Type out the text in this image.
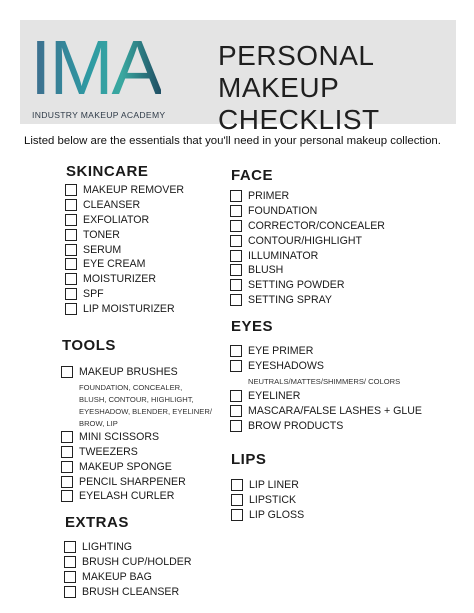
IMA
INDUSTRY MAKEUP ACADEMY
PERSONAL
MAKEUP
CHECKLIST
Listed below are the essentials that you'll need in your personal makeup collection.
SKINCARE
MAKEUP REMOVER
CLEANSER
EXFOLIATOR
TONER
SERUM
EYE CREAM
MOISTURIZER
SPF
LIP MOISTURIZER
TOOLS
MAKEUP BRUSHES
FOUNDATION, CONCEALER,
BLUSH, CONTOUR, HIGHLIGHT,
EYESHADOW, BLENDER, EYELINER/
BROW, LIP
MINI SCISSORS
TWEEZERS
MAKEUP SPONGE
PENCIL SHARPENER
EYELASH CURLER
EXTRAS
LIGHTING
BRUSH CUP/HOLDER
MAKEUP BAG
BRUSH CLEANSER
FACE
PRIMER
FOUNDATION
CORRECTOR/CONCEALER
CONTOUR/HIGHLIGHT
ILLUMINATOR
BLUSH
SETTING POWDER
SETTING SPRAY
EYES
EYE PRIMER
EYESHADOWS
NEUTRALS/MATTES/SHIMMERS/ COLORS
EYELINER
MASCARA/FALSE LASHES + GLUE
BROW PRODUCTS
LIPS
LIP LINER
LIPSTICK
LIP GLOSS
